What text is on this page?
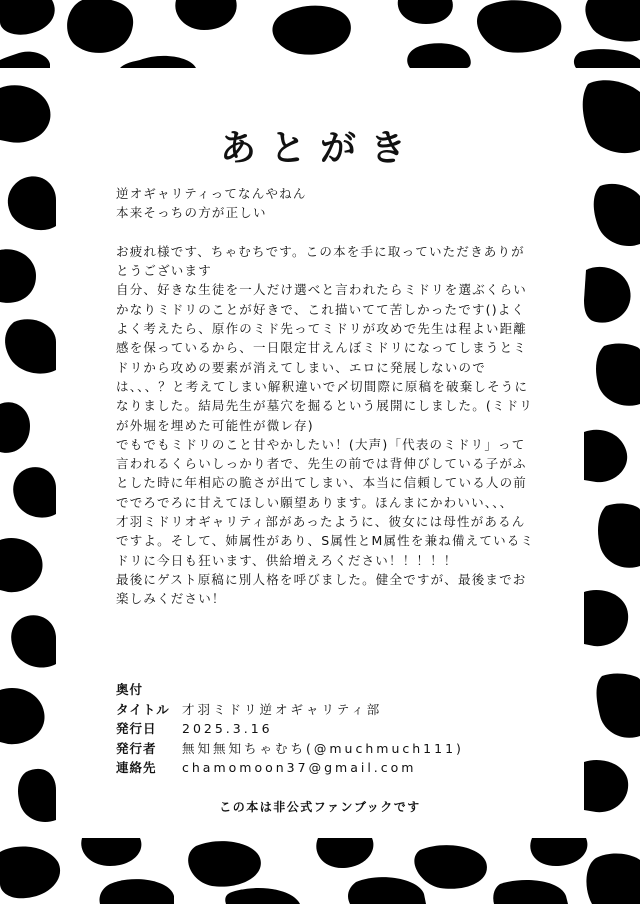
あとがき
逆オギャリティってなんやねん
本来そっちの方が正しい

お疲れ様です、ちゃむちです。この本を手に取っていただきありがとうございます
自分、好きな生徒を一人だけ選べと言われたらミドリを選ぶくらいかなりミドリのことが好きで、これ描いてて苦しかったです()よくよく考えたら、原作のミド先ってミドリが攻めで先生は程よい距離感を保っているから、一日限定甘えんぼミドリになってしまうとミドリから攻めの要素が消えてしまい、エロに発展しないのでは、、、？と考えてしまい解釈違いで〆切間際に原稿を破棄しそうになりました。結局先生が墓穴を掘るという展開にしました。(ミドリが外堀を埋めた可能性が微レ存)
でもでもミドリのこと甘やかしたい！(大声)「代表のミドリ」って言われるくらいしっかり者で、先生の前では背伸びしている子がふとした時に年相応の脆さが出てしまい、本当に信頼している人の前ででろでろに甘えてほしい願望あります。ほんまにかわいい、、、
才羽ミドリオギャリティ部があったように、彼女には母性があるんですよ。そして、姉属性があり、S属性とM属性を兼ね備えているミドリに今日も狂います、供給増えろください！！！！！
最後にゲスト原稿に別人格を呼びました。健全ですが、最後までお楽しみください！
奥付
タイトル 才羽ミドリ逆オギャリティ部
発行日	2025.3.16
発行者	無知無知ちゃむち(@muchmuch111)
連絡先	chamomoon37@gmail.com
この本は非公式ファンブックです
